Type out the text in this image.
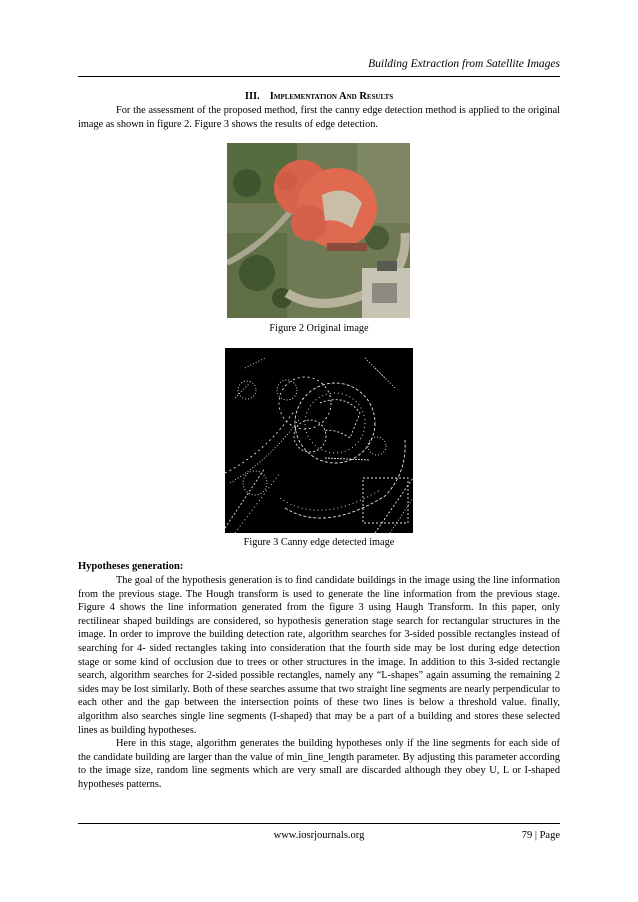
Building Extraction from Satellite Images
III. Implementation And Results

For the assessment of the proposed method, first the canny edge detection method is applied to the original image as shown in figure 2. Figure 3 shows the results of edge detection.

Figure 2 Original image
Figure 3 Canny edge detected image
Hypotheses generation:

The goal of the hypothesis generation is to find candidate buildings in the image using the line information from the previous stage. The Hough transform is used to generate the line information from the previous stage. Figure 4 shows the line information generated from the figure 3 using Haugh Transform. In this paper, only rectilinear shaped buildings are considered, so hypothesis generation stage search for rectangular structures in the image. In order to improve the building detection rate, algorithm searches for 3-sided possible rectangles instead of searching for 4- sided rectangles taking into consideration that the fourth side may be lost during edge detection stage or some kind of occlusion due to trees or other structures in the image. In addition to this 3-sided rectangle search, algorithm searches for 2-sided possible rectangles, namely any “L-shapes” again assuming the remaining 2 sides may be lost similarly. Both of these searches assume that two straight line segments are nearly perpendicular to each other and the gap between the intersection points of these two lines is below a threshold value. finally, algorithm also searches single line segments (I-shaped) that may be a part of a building and stores these selected lines as building hypotheses.

Here in this stage, algorithm generates the building hypotheses only if the line segments for each side of the candidate building are larger than the value of min_line_length parameter. By adjusting this parameter according to the image size, random line segments which are very small are discarded although they obey U, L or I-shaped hypotheses patterns.

www.iosrjournals.org	79 | Page
